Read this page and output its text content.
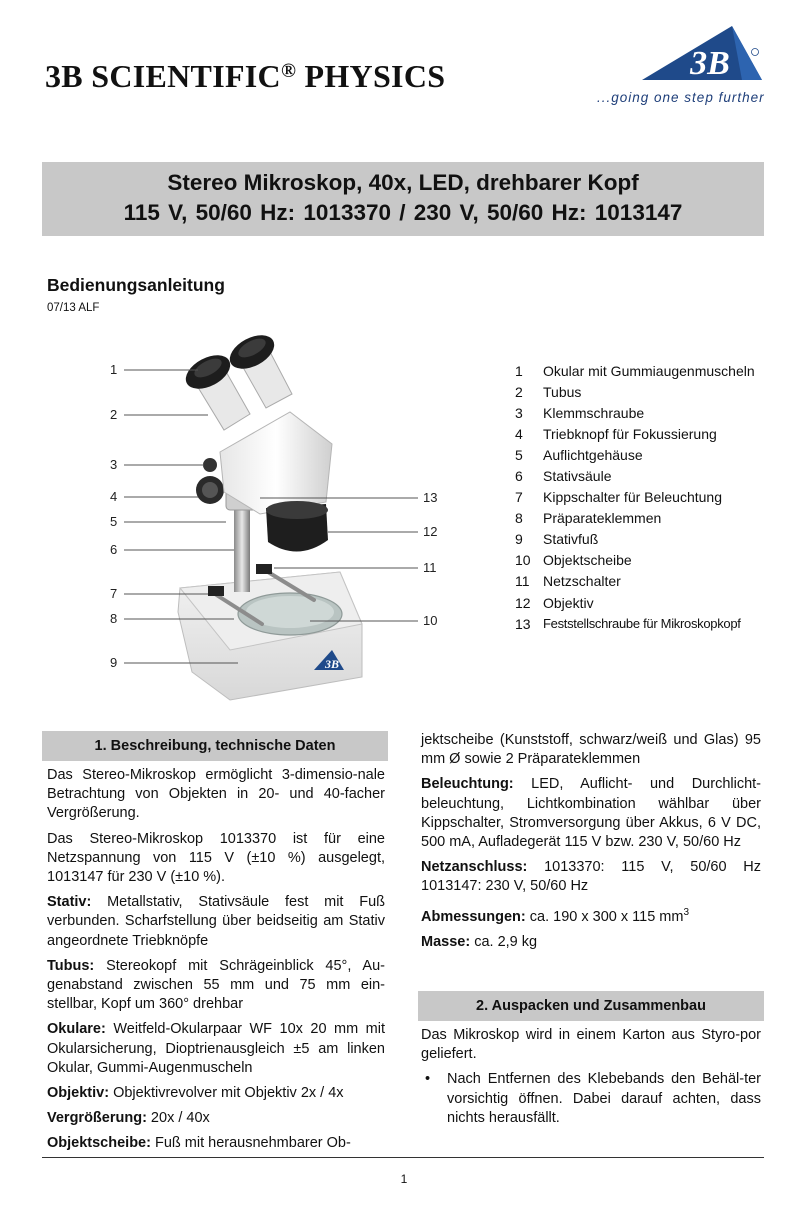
3B SCIENTIFIC® PHYSICS	3B
...going one step further
Stereo Mikroskop, 40x, LED, drehbarer Kopf
115 V, 50/60 Hz: 1013370 / 230 V, 50/60 Hz: 1013147
Bedienungsanleitung
07/13 ALF
3B
1
2
3
4
5
6
7
8
9
13
12
11
10
1	Okular mit Gummiaugenmuscheln
2	Tubus
3	Klemmschraube
4	Triebknopf für Fokussierung
5	Auflichtgehäuse
6	Stativsäule
7	Kippschalter für Beleuchtung
8	Präparateklemmen
9	Stativfuß
10 Objektscheibe
11 Netzschalter
12 Objektiv
13 Feststellschraube für Mikroskopkopf
1. Beschreibung, technische Daten

Das Stereo-Mikroskop ermöglicht 3-dimensio-nale Betrachtung von Objekten in 20- und 40-facher Vergrößerung.

Das Stereo-Mikroskop 1013370 ist für eine Netzspannung von 115 V (±10 %) ausgelegt, 1013147 für 230 V (±10 %).

Stativ: Metallstativ, Stativsäule fest mit Fuß verbunden. Scharfstellung über beidseitig am Stativ angeordnete Triebknöpfe

Tubus: Stereokopf mit Schrägeinblick 45°, Au-genabstand zwischen 55 mm und 75 mm ein-stellbar, Kopf um 360° drehbar

Okulare: Weitfeld-Okularpaar WF 10x 20 mm mit Okularsicherung, Dioptrienausgleich ±5 am linken Okular, Gummi-Augenmuscheln

Objektiv: Objektivrevolver mit Objektiv 2x / 4x

Vergrößerung: 20x / 40x

Objektscheibe: Fuß mit herausnehmbarer Ob-

jektscheibe (Kunststoff, schwarz/weiß und Glas) 95 mm Ø sowie 2 Präparateklemmen

Beleuchtung: LED, Auflicht- und Durchlicht-beleuchtung, Lichtkombination wählbar über Kippschalter, Stromversorgung über Akkus, 6 V DC, 500 mA, Aufladegerät 115 V bzw. 230 V, 50/60 Hz

Netzanschluss: 1013370: 115 V, 50/60 Hz 1013147: 230 V, 50/60 Hz

Abmessungen: ca. 190 x 300 x 115 $mm^3$

Masse: ca. 2,9 kg

2. Auspacken und Zusammenbau

Das Mikroskop wird in einem Karton aus Styro-por geliefert.

• Nach Entfernen des Klebebands den Behäl-ter vorsichtig öffnen. Dabei darauf achten, dass nichts herausfällt.
1
